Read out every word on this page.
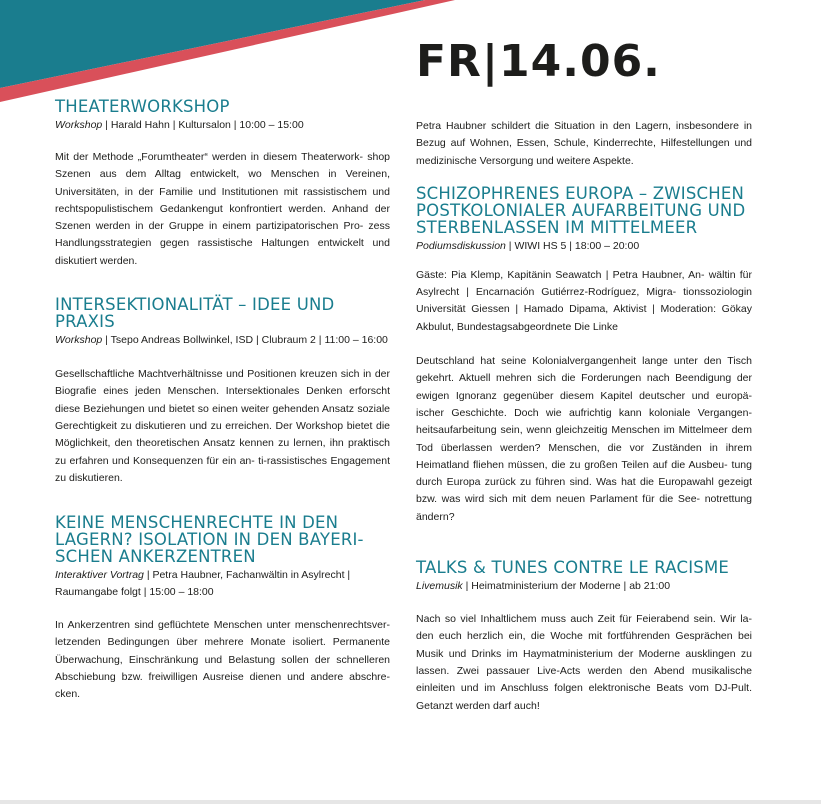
FR|14.06.
THEATERWORKSHOP
Workshop | Harald Hahn | Kultursalon | 10:00 – 15:00

Mit der Methode „Forumtheater“ werden in diesem Theaterwork- shop Szenen aus dem Alltag entwickelt, wo Menschen in Vereinen, Universitäten, in der Familie und Institutionen mit rassistischem und rechtspopulistischem Gedankengut konfrontiert werden. Anhand der Szenen werden in der Gruppe in einem partizipatorischen Pro- zess Handlungsstrategien gegen rassistische Haltungen entwickelt und diskutiert werden.

INTERSEKTIONALITÄT – IDEE UND PRAXIS
Workshop | Tsepo Andreas Bollwinkel, ISD | Clubraum 2 | 11:00 – 16:00

Gesellschaftliche Machtverhältnisse und Positionen kreuzen sich in der Biografie eines jeden Menschen. Intersektionales Denken erforscht diese Beziehungen und bietet so einen weiter gehenden Ansatz soziale Gerechtigkeit zu diskutieren und zu erreichen. Der Workshop bietet die Möglichkeit, den theoretischen Ansatz kennen zu lernen, ihn praktisch zu erfahren und Konsequenzen für ein an- ti-rassistisches Engagement zu diskutieren.

KEINE MENSCHENRECHTE IN DEN LAGERN? ISOLATION IN DEN BAYERI- SCHEN ANKERZENTREN
Interaktiver Vortrag | Petra Haubner, Fachanwältin in Asylrecht | Raumangabe folgt | 15:00 – 18:00

In Ankerzentren sind geflüchtete Menschen unter menschenrechtsver- letzenden Bedingungen über mehrere Monate isoliert. Permanente Überwachung, Einschränkung und Belastung sollen der schnelleren Abschiebung bzw. freiwilligen Ausreise dienen und andere abschre- cken.

Petra Haubner schildert die Situation in den Lagern, insbesondere in Bezug auf Wohnen, Essen, Schule, Kinderrechte, Hilfestellungen und medizinische Versorgung und weitere Aspekte.

SCHIZOPHRENES EUROPA – ZWISCHEN POSTKOLONIALER AUFARBEITUNG UND STERBENLASSEN IM MITTELMEER
Podiumsdiskussion | WIWI HS 5 | 18:00 – 20:00

Gäste: Pia Klemp, Kapitänin Seawatch | Petra Haubner, An- wältin für Asylrecht | Encarnación Gutiérrez-Rodríguez, Migra- tionssoziologin Universität Giessen | Hamado Dipama, Aktivist | Moderation: Gökay Akbulut, Bundestagsabgeordnete Die Linke

Deutschland hat seine Kolonialvergangenheit lange unter den Tisch gekehrt. Aktuell mehren sich die Forderungen nach Beendigung der ewigen Ignoranz gegenüber diesem Kapitel deutscher und europä- ischer Geschichte. Doch wie aufrichtig kann koloniale Vergangen- heitsaufarbeitung sein, wenn gleichzeitig Menschen im Mittelmeer dem Tod überlassen werden? Menschen, die vor Zuständen in ihrem Heimatland fliehen müssen, die zu großen Teilen auf die Ausbeu- tung durch Europa zurück zu führen sind. Was hat die Europawahl gezeigt bzw. was wird sich mit dem neuen Parlament für die See- notrettung ändern?

TALKS & TUNES CONTRE LE RACISME
Livemusik | Heimatministerium der Moderne | ab 21:00

Nach so viel Inhaltlichem muss auch Zeit für Feierabend sein. Wir la- den euch herzlich ein, die Woche mit fortführenden Gesprächen bei Musik und Drinks im Haymatministerium der Moderne ausklingen zu lassen. Zwei passauer Live-Acts werden den Abend musikalische einleiten und im Anschluss folgen elektronische Beats vom DJ-Pult. Getanzt werden darf auch!
